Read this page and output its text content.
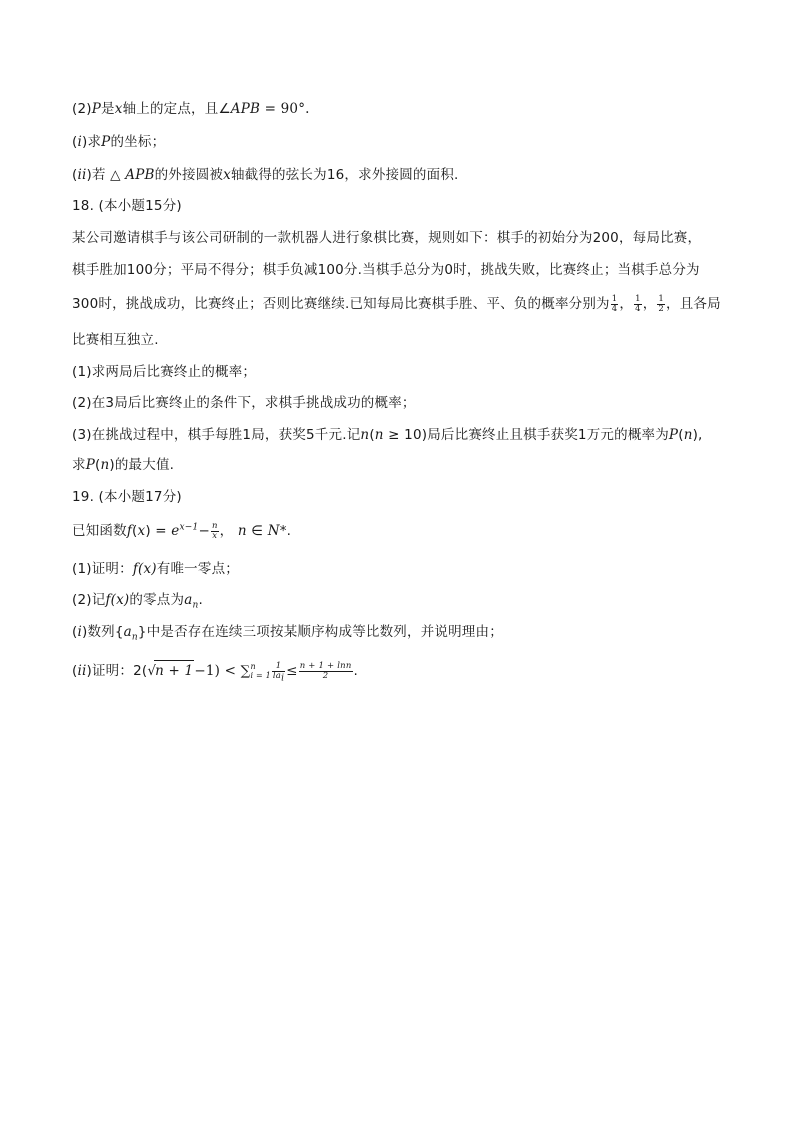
(2)P是x轴上的定点，且∠APB = 90°.
(i)求P的坐标；
(ii)若 △ APB的外接圆被x轴截得的弦长为16，求外接圆的面积.
18. (本小题15分)
某公司邀请棋手与该公司研制的一款机器人进行象棋比赛，规则如下：棋手的初始分为200，每局比赛，
棋手胜加100分；平局不得分；棋手负减100分.当棋手总分为0时，挑战失败，比赛终止；当棋手总分为
300时，挑战成功，比赛终止；否则比赛继续.已知每局比赛棋手胜、平、负的概率分别为 $\frac{1}{4}$ ， $\frac{1}{4}$ ， $\frac{1}{2}$ ，且各局
比赛相互独立.
(1)求两局后比赛终止的概率；
(2)在3局后比赛终止的条件下，求棋手挑战成功的概率；
(3)在挑战过程中，棋手每胜1局，获奖5千元.记n(n ≥ 10)局后比赛终止且棋手获奖1万元的概率为P(n),
求P(n)的最大值.
19. (本小题17分)
已知函数$f(x) = e^{x-1}- \frac{n}{x}$ ， n ∈ N*.
(1)证明：f(x)有唯一零点；
(2)记f(x)的零点为$a_n$.
(i)数列$\{a_n\}$中是否存在连续三项按某顺序构成等比数列，并说明理由；
(ii)证明：2(√n + 1−1) < ∑ n
$i = 1 \frac{1}{la_i} \le \frac{n + 1 + \ln n}{2}$ .
